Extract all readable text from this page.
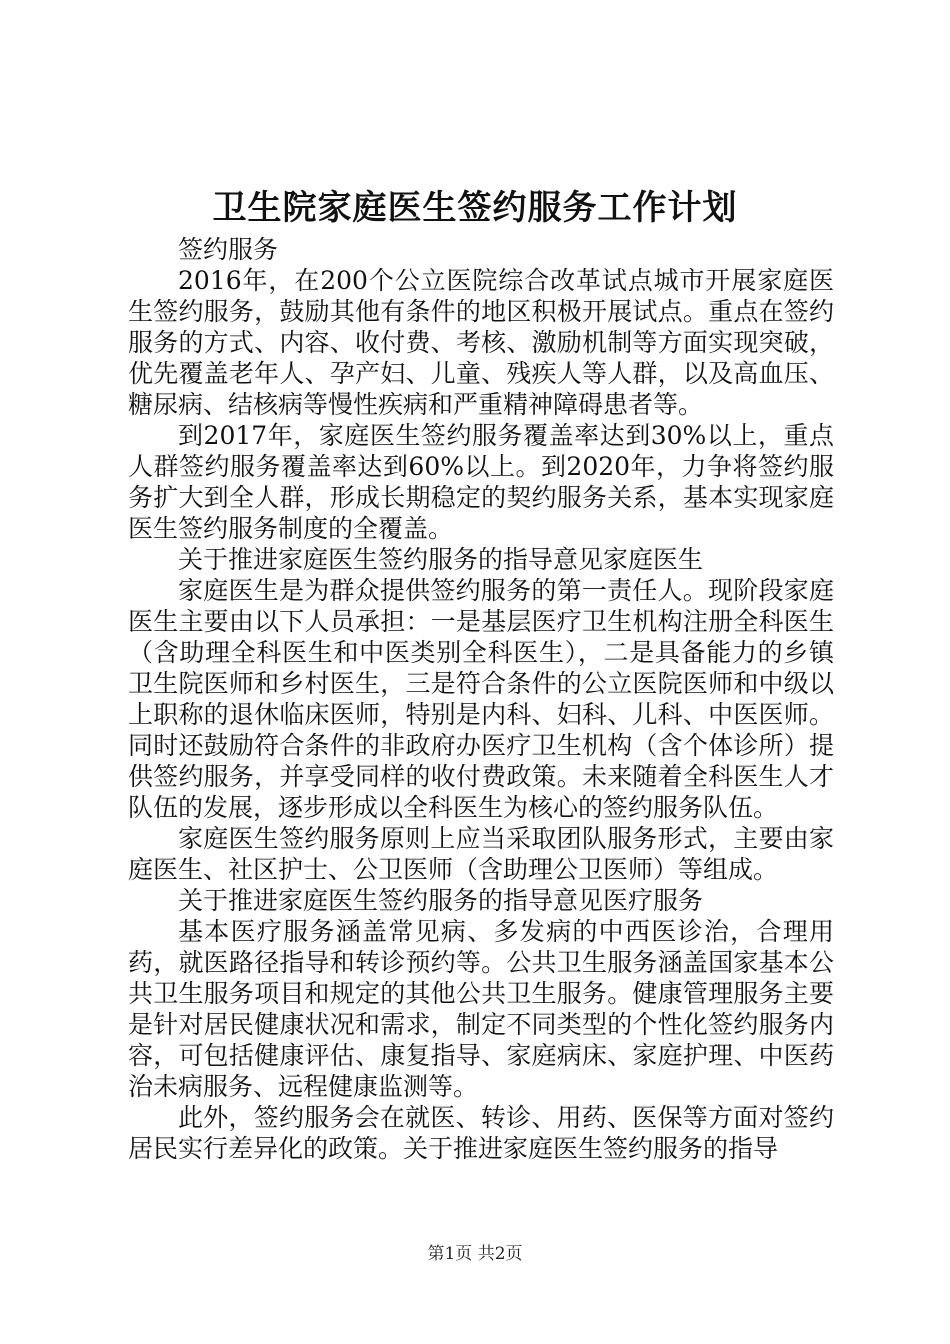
卫生院家庭医生签约服务工作计划

签约服务

2016年，在200个公立医院综合改革试点城市开展家庭医生签约服务，鼓励其他有条件的地区积极开展试点。重点在签约服务的方式、内容、收付费、考核、激励机制等方面实现突破，优先覆盖老年人、孕产妇、儿童、残疾人等人群，以及高血压、糖尿病、结核病等慢性疾病和严重精神障碍患者等。

到2017年，家庭医生签约服务覆盖率达到30%以上，重点人群签约服务覆盖率达到60%以上。到2020年，力争将签约服务扩大到全人群，形成长期稳定的契约服务关系，基本实现家庭医生签约服务制度的全覆盖。

关于推进家庭医生签约服务的指导意见家庭医生

家庭医生是为群众提供签约服务的第一责任人。现阶段家庭医生主要由以下人员承担：一是基层医疗卫生机构注册全科医生（含助理全科医生和中医类别全科医生），二是具备能力的乡镇卫生院医师和乡村医生，三是符合条件的公立医院医师和中级以上职称的退休临床医师，特别是内科、妇科、儿科、中医医师。同时还鼓励符合条件的非政府办医疗卫生机构（含个体诊所）提供签约服务，并享受同样的收付费政策。未来随着全科医生人才队伍的发展，逐步形成以全科医生为核心的签约服务队伍。

家庭医生签约服务原则上应当采取团队服务形式，主要由家庭医生、社区护士、公卫医师（含助理公卫医师）等组成。

关于推进家庭医生签约服务的指导意见医疗服务

基本医疗服务涵盖常见病、多发病的中西医诊治，合理用药，就医路径指导和转诊预约等。公共卫生服务涵盖国家基本公共卫生服务项目和规定的其他公共卫生服务。健康管理服务主要是针对居民健康状况和需求，制定不同类型的个性化签约服务内容，可包括健康评估、康复指导、家庭病床、家庭护理、中医药治未病服务、远程健康监测等。

此外，签约服务会在就医、转诊、用药、医保等方面对签约居民实行差异化的政策。关于推进家庭医生签约服务的指导

第1页 共2页
